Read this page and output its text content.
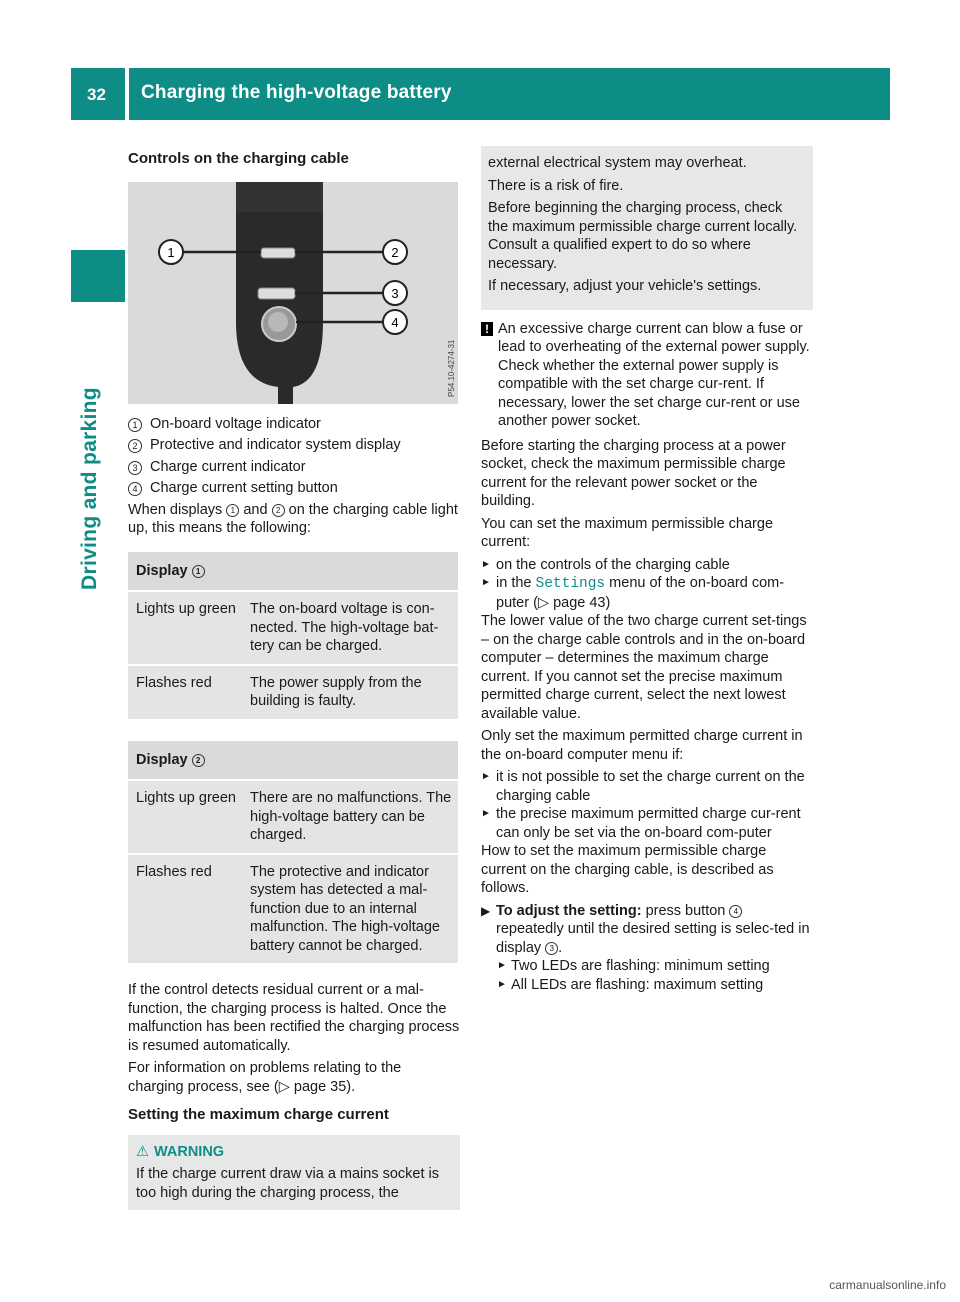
32 Charging the high-voltage battery
Driving and parking
Controls on the charging cable
1	2
3
4
P54.10-4274-31
1 On-board voltage indicator
2 Protective and indicator system display
3 Charge current indicator
4 Charge current setting button

When displays 1 and 2 on the charging cable light up, this means the following:

Display 1	
Lights up green	The on-board voltage is con-nected. The high-voltage bat-tery can be charged.
Flashes red	The power supply from the building is faulty.
Display 2	
Lights up green	There are no malfunctions. The high-voltage battery can be charged.
Flashes red	The protective and indicator system has detected a mal-function due to an internal malfunction. The high-voltage battery cannot be charged.

If the control detects residual current or a mal-function, the charging process is halted. Once the malfunction has been rectified the charging process is resumed automatically.

For information on problems relating to the charging process, see (▷ page 35).

Setting the maximum charge current
⚠ WARNING
If the charge current draw via a mains socket is too high during the charging process, the

external electrical system may overheat.

There is a risk of fire.

Before beginning the charging process, check the maximum permissible charge current locally. Consult a qualified expert to do so where necessary.

If necessary, adjust your vehicle's settings.

! An excessive charge current can blow a fuse or lead to overheating of the external power supply. Check whether the external power supply is compatible with the set charge cur-rent. If necessary, lower the set charge cur-rent or use another power socket.

Before starting the charging process at a power socket, check the maximum permissible charge current for the relevant power socket or the building.

You can set the maximum permissible charge current:

► on the controls of the charging cable
► in the Settings menu of the on-board com-puter (▷ page 43)

The lower value of the two charge current set-tings – on the charge cable controls and in the on-board computer – determines the maximum charge current. If you cannot set the precise maximum permitted charge current, select the next lowest available value.

Only set the maximum permitted charge current in the on-board computer menu if:

► it is not possible to set the charge current on the charging cable
► the precise maximum permitted charge cur-rent can only be set via the on-board com-puter

How to set the maximum permissible charge current on the charging cable, is described as follows.

▶ To adjust the setting: press button 4 repeatedly until the desired setting is selec-ted in display 3 .
► Two LEDs are flashing: minimum setting
► All LEDs are flashing: maximum setting
carmanualsonline.info
